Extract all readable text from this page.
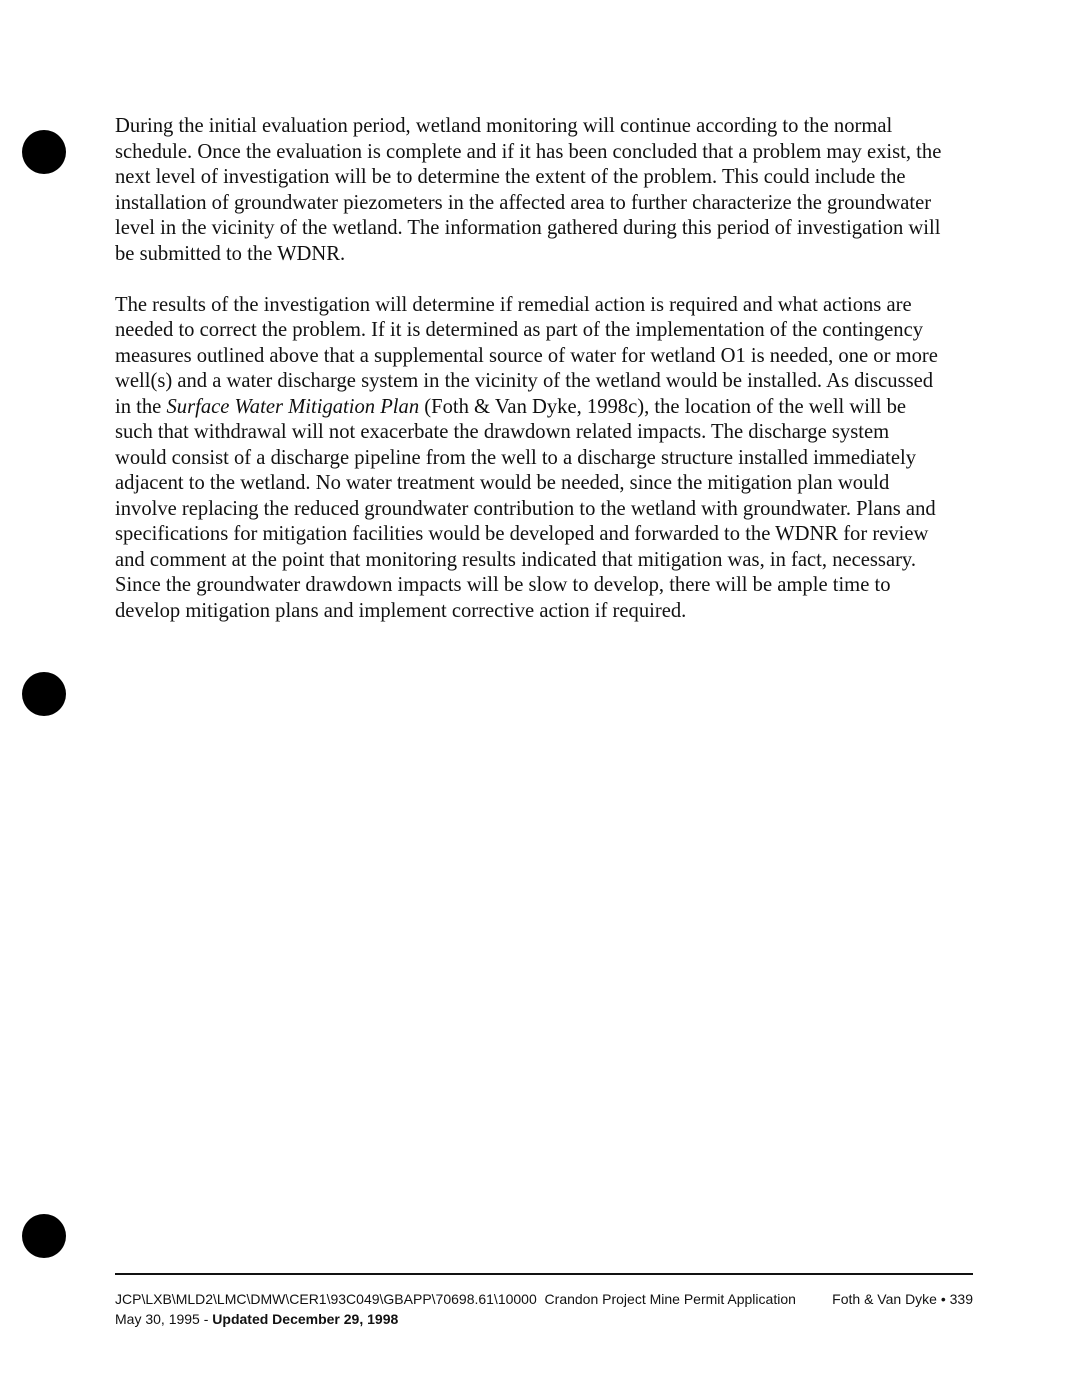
During the initial evaluation period, wetland monitoring will continue according to the normal schedule. Once the evaluation is complete and if it has been concluded that a problem may exist, the next level of investigation will be to determine the extent of the problem. This could include the installation of groundwater piezometers in the affected area to further characterize the groundwater level in the vicinity of the wetland. The information gathered during this period of investigation will be submitted to the WDNR.

The results of the investigation will determine if remedial action is required and what actions are needed to correct the problem. If it is determined as part of the implementation of the contingency measures outlined above that a supplemental source of water for wetland O1 is needed, one or more well(s) and a water discharge system in the vicinity of the wetland would be installed. As discussed in the Surface Water Mitigation Plan (Foth & Van Dyke, 1998c), the location of the well will be such that withdrawal will not exacerbate the drawdown related impacts. The discharge system would consist of a discharge pipeline from the well to a discharge structure installed immediately adjacent to the wetland. No water treatment would be needed, since the mitigation plan would involve replacing the reduced groundwater contribution to the wetland with groundwater. Plans and specifications for mitigation facilities would be developed and forwarded to the WDNR for review and comment at the point that monitoring results indicated that mitigation was, in fact, necessary. Since the groundwater drawdown impacts will be slow to develop, there will be ample time to develop mitigation plans and implement corrective action if required.

JCP\LXB\MLD2\LMC\DMW\CER1\93C049\GBAPP\70698.61\10000 Crandon Project Mine Permit Application	Foth & Van Dyke • 339
May 30, 1995 - Updated December 29, 1998
